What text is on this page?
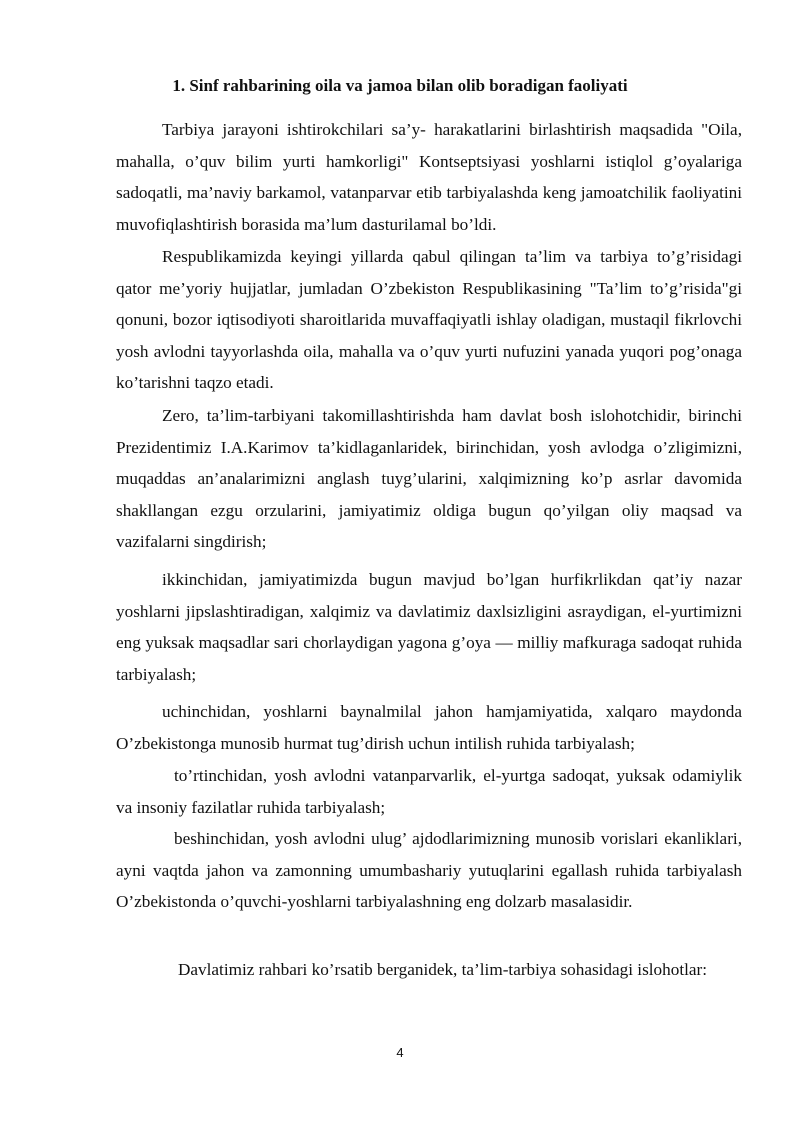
1. Sinf rahbarining oila va jamoa bilan olib boradigan faoliyati

Tarbiya jarayoni ishtirokchilari sa’y- harakatlarini birlashtirish maqsadida "Oila, mahalla, o’quv bilim yurti hamkorligi" Kontseptsiyasi yoshlarni istiqlol g’oyalariga sadoqatli, ma’naviy barkamol, vatanparvar etib tarbiyalashda keng jamoatchilik faoliyatini muvofiqlashtirish borasida ma’lum dasturilamal bo’ldi.

Respublikamizda keyingi yillarda qabul qilingan ta’lim va tarbiya to’g’risidagi qator me’yoriy hujjatlar, jumladan O’zbekiston Respublikasining "Ta’lim to’g’risida"gi qonuni, bozor iqtisodiyoti sharoitlarida muvaffaqiyatli ishlay oladigan, mustaqil fikrlovchi yosh avlodni tayyorlashda oila, mahalla va o’quv yurti nufuzini yanada yuqori pog’onaga ko’tarishni taqzo etadi.

Zero, ta’lim-tarbiyani takomillashtirishda ham davlat bosh islohotchidir, birinchi Prezidentimiz I.A.Karimov ta’kidlaganlaridek, birinchidan, yosh avlodga o’zligimizni, muqaddas an’analarimizni anglash tuyg’ularini, xalqimizning ko’p asrlar davomida shakllangan ezgu orzularini, jamiyatimiz oldiga bugun qo’yilgan oliy maqsad va vazifalarni singdirish;

ikkinchidan, jamiyatimizda bugun mavjud bo’lgan hurfikrlikdan qat’iy nazar yoshlarni jipslashtiradigan, xalqimiz va davlatimiz daxlsizligini asraydigan, el-yurtimizni eng yuksak maqsadlar sari chorlaydigan yagona g’oya — milliy mafkuraga sadoqat ruhida tarbiyalash;

uchinchidan, yoshlarni baynalmilal jahon hamjamiyatida, xalqaro maydonda O’zbekistonga munosib hurmat tug’dirish uchun intilish ruhida tarbiyalash;

to’rtinchidan, yosh avlodni vatanparvarlik, el-yurtga sadoqat, yuksak odamiylik va insoniy fazilatlar ruhida tarbiyalash;

beshinchidan, yosh avlodni ulug’ ajdodlarimizning munosib vorislari ekanliklari, ayni vaqtda jahon va zamonning umumbashariy yutuqlarini egallash ruhida tarbiyalash O’zbekistonda o’quvchi-yoshlarni tarbiyalashning eng dolzarb masalasidir.

Davlatimiz rahbari ko’rsatib berganidek, ta’lim-tarbiya sohasidagi islohotlar:

4
